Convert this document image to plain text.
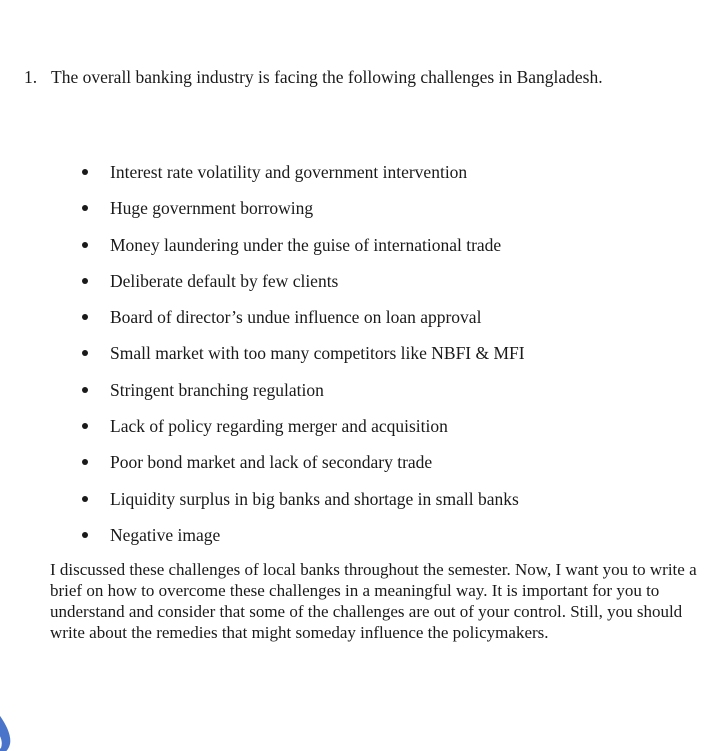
1. The overall banking industry is facing the following challenges in Bangladesh.
Interest rate volatility and government intervention
Huge government borrowing
Money laundering under the guise of international trade
Deliberate default by few clients
Board of director’s undue influence on loan approval
Small market with too many competitors like NBFI & MFI
Stringent branching regulation
Lack of policy regarding merger and acquisition
Poor bond market and lack of secondary trade
Liquidity surplus in big banks and shortage in small banks
Negative image

I discussed these challenges of local banks throughout the semester. Now, I want you to write a brief on how to overcome these challenges in a meaningful way. It is important for you to understand and consider that some of the challenges are out of your control. Still, you should write about the remedies that might someday influence the policymakers.
